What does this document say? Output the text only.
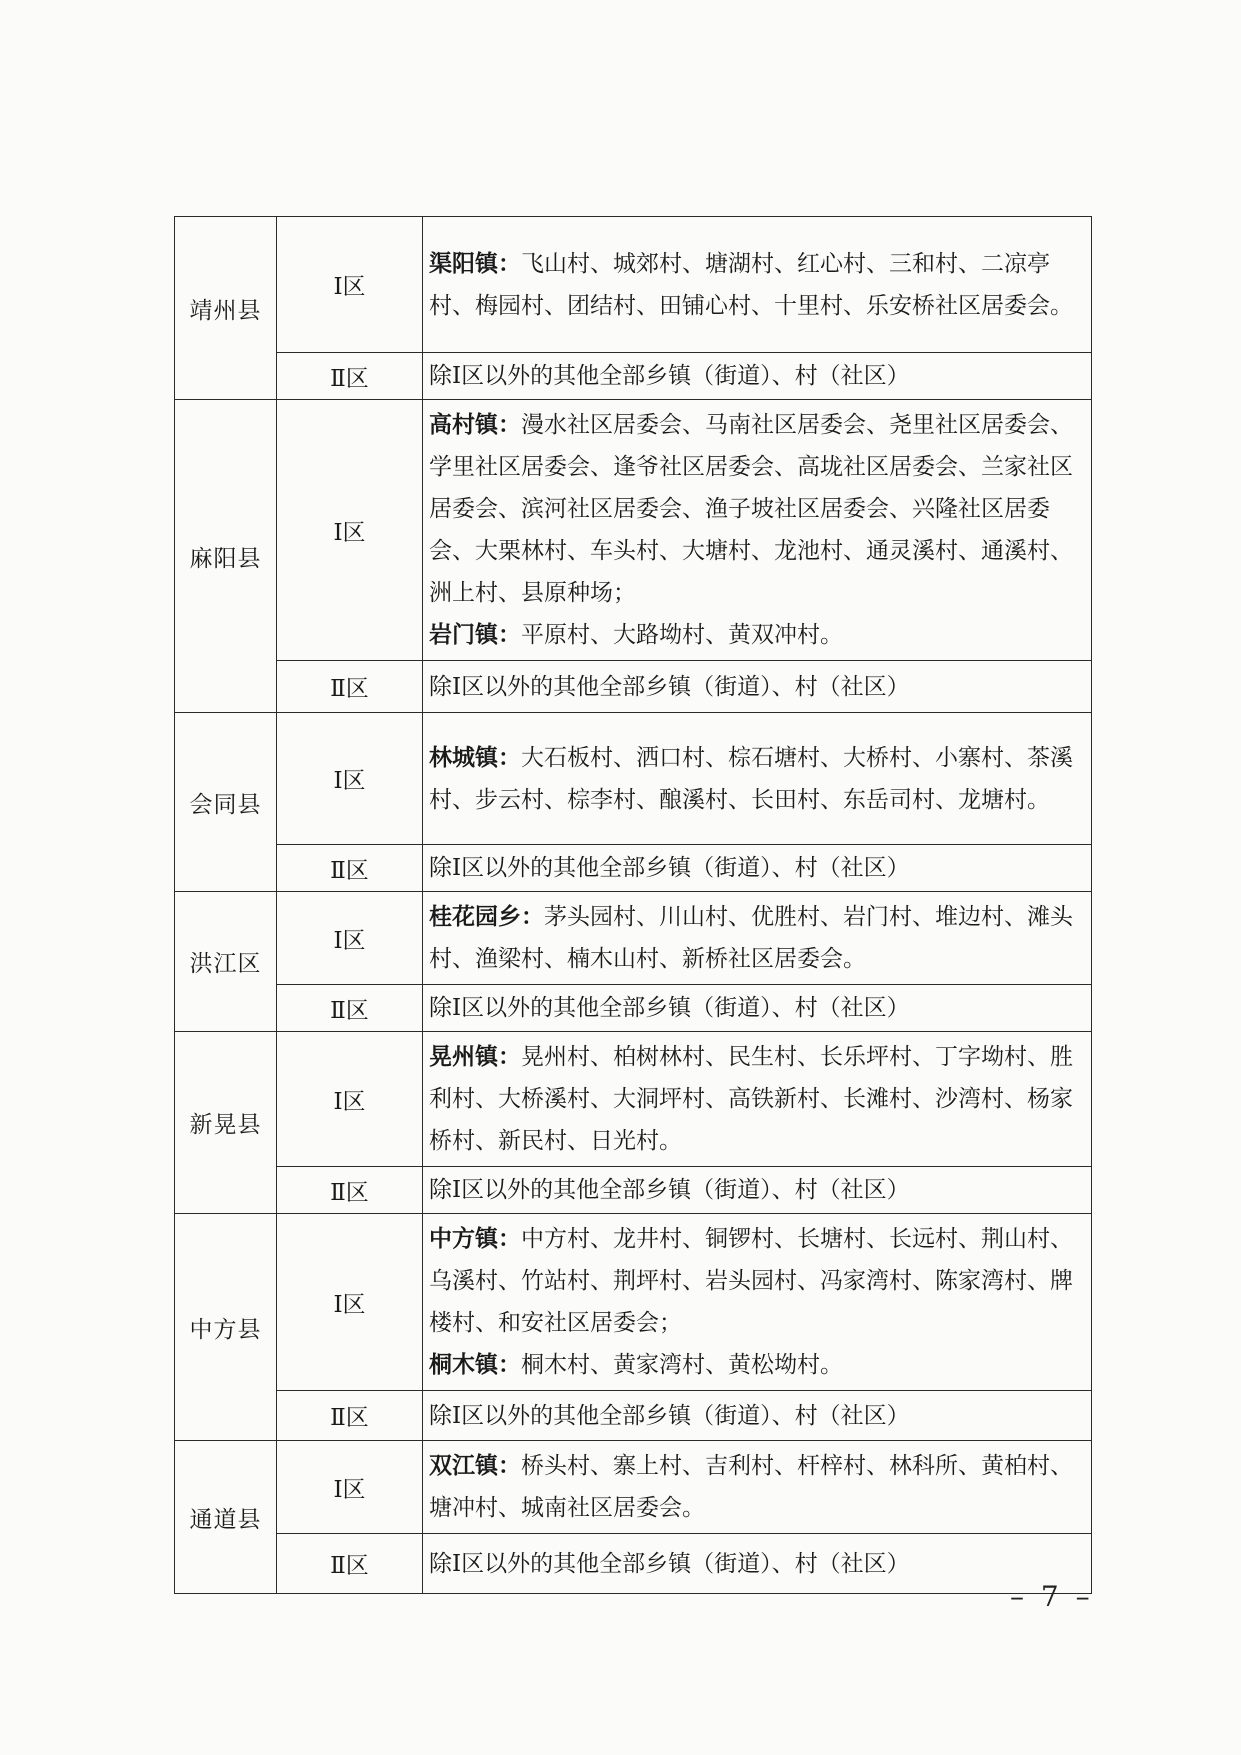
靖州县	Ⅰ区	渠阳镇：飞山村、城郊村、塘湖村、红心村、三和村、二凉亭村、梅园村、团结村、田铺心村、十里村、乐安桥社区居委会。
	Ⅱ区	除Ⅰ区以外的其他全部乡镇（街道）、村（社区）
麻阳县	Ⅰ区	高村镇：漫水社区居委会、马南社区居委会、尧里社区居委会、学里社区居委会、逢爷社区居委会、高垅社区居委会、兰家社区居委会、滨河社区居委会、渔子坡社区居委会、兴隆社区居委会、大栗林村、车头村、大塘村、龙池村、通灵溪村、通溪村、洲上村、县原种场；
岩门镇：平原村、大路坳村、黄双冲村。
	Ⅱ区	除Ⅰ区以外的其他全部乡镇（街道）、村（社区）
会同县	Ⅰ区	林城镇：大石板村、洒口村、棕石塘村、大桥村、小寨村、茶溪村、步云村、棕李村、酿溪村、长田村、东岳司村、龙塘村。
	Ⅱ区	除Ⅰ区以外的其他全部乡镇（街道）、村（社区）
洪江区	Ⅰ区	桂花园乡：茅头园村、川山村、优胜村、岩门村、堆边村、滩头村、渔梁村、楠木山村、新桥社区居委会。
	Ⅱ区	除Ⅰ区以外的其他全部乡镇（街道）、村（社区）
新晃县	Ⅰ区	晃州镇：晃州村、柏树林村、民生村、长乐坪村、丁字坳村、胜利村、大桥溪村、大洞坪村、高铁新村、长滩村、沙湾村、杨家桥村、新民村、日光村。
	Ⅱ区	除Ⅰ区以外的其他全部乡镇（街道）、村（社区）
中方县	Ⅰ区	中方镇：中方村、龙井村、铜锣村、长塘村、长远村、荆山村、乌溪村、竹站村、荆坪村、岩头园村、冯家湾村、陈家湾村、牌楼村、和安社区居委会；
桐木镇：桐木村、黄家湾村、黄松坳村。
	Ⅱ区	除Ⅰ区以外的其他全部乡镇（街道）、村（社区）
通道县	Ⅰ区	双江镇：桥头村、寨上村、吉利村、杆梓村、林科所、黄柏村、塘冲村、城南社区居委会。
	Ⅱ区	除Ⅰ区以外的其他全部乡镇（街道）、村（社区）
– 7 –
